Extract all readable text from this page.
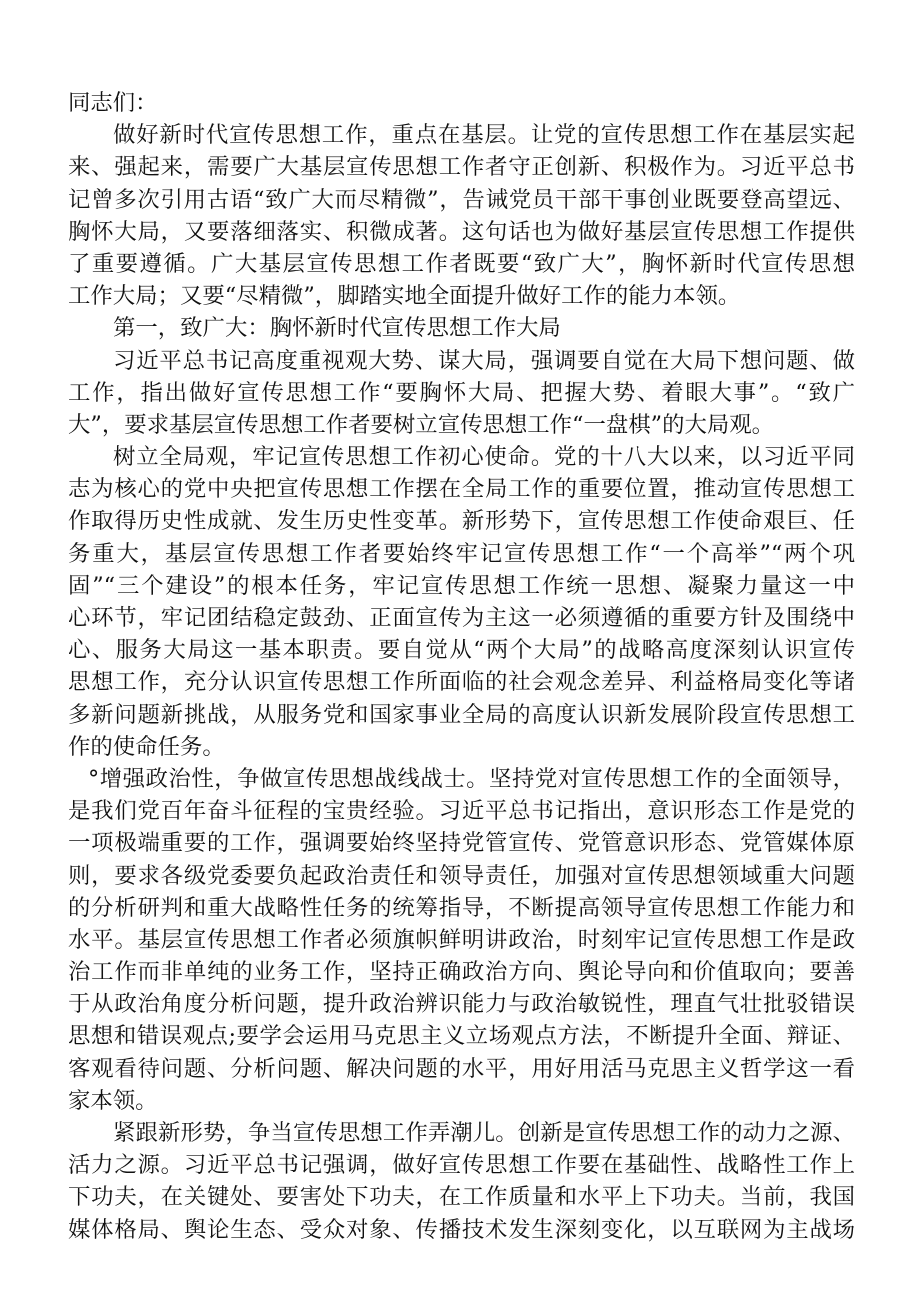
同志们：
做好新时代宣传思想工作，重点在基层。让党的宣传思想工作在基层实起
来、强起来，需要广大基层宣传思想工作者守正创新、积极作为。习近平总书
记曾多次引用古语“致广大而尽精微”，告诫党员干部干事创业既要登高望远、
胸怀大局，又要落细落实、积微成著。这句话也为做好基层宣传思想工作提供
了重要遵循。广大基层宣传思想工作者既要“致广大”，胸怀新时代宣传思想
工作大局；又要“尽精微”，脚踏实地全面提升做好工作的能力本领。
第一，致广大：胸怀新时代宣传思想工作大局
习近平总书记高度重视观大势、谋大局，强调要自觉在大局下想问题、做
工作，指出做好宣传思想工作“要胸怀大局、把握大势、着眼大事”。“致广
大”，要求基层宣传思想工作者要树立宣传思想工作“一盘棋”的大局观。
树立全局观，牢记宣传思想工作初心使命。党的十八大以来，以习近平同
志为核心的党中央把宣传思想工作摆在全局工作的重要位置，推动宣传思想工
作取得历史性成就、发生历史性变革。新形势下，宣传思想工作使命艰巨、任
务重大，基层宣传思想工作者要始终牢记宣传思想工作“一个高举”“两个巩
固”“三个建设”的根本任务，牢记宣传思想工作统一思想、凝聚力量这一中
心环节，牢记团结稳定鼓劲、正面宣传为主这一必须遵循的重要方针及围绕中
心、服务大局这一基本职责。要自觉从“两个大局”的战略高度深刻认识宣传
思想工作，充分认识宣传思想工作所面临的社会观念差异、利益格局变化等诸
多新问题新挑战，从服务党和国家事业全局的高度认识新发展阶段宣传思想工
作的使命任务。
°增强政治性，争做宣传思想战线战士。坚持党对宣传思想工作的全面领导，
是我们党百年奋斗征程的宝贵经验。习近平总书记指出，意识形态工作是党的
一项极端重要的工作，强调要始终坚持党管宣传、党管意识形态、党管媒体原
则，要求各级党委要负起政治责任和领导责任，加强对宣传思想领域重大问题
的分析研判和重大战略性任务的统筹指导，不断提高领导宣传思想工作能力和
水平。基层宣传思想工作者必须旗帜鲜明讲政治，时刻牢记宣传思想工作是政
治工作而非单纯的业务工作，坚持正确政治方向、舆论导向和价值取向；要善
于从政治角度分析问题，提升政治辨识能力与政治敏锐性，理直气壮批驳错误
思想和错误观点;要学会运用马克思主义立场观点方法，不断提升全面、辩证、
客观看待问题、分析问题、解决问题的水平，用好用活马克思主义哲学这一看
家本领。
紧跟新形势，争当宣传思想工作弄潮儿。创新是宣传思想工作的动力之源、
活力之源。习近平总书记强调，做好宣传思想工作要在基础性、战略性工作上
下功夫，在关键处、要害处下功夫，在工作质量和水平上下功夫。当前，我国
媒体格局、舆论生态、受众对象、传播技术发生深刻变化，以互联网为主战场
